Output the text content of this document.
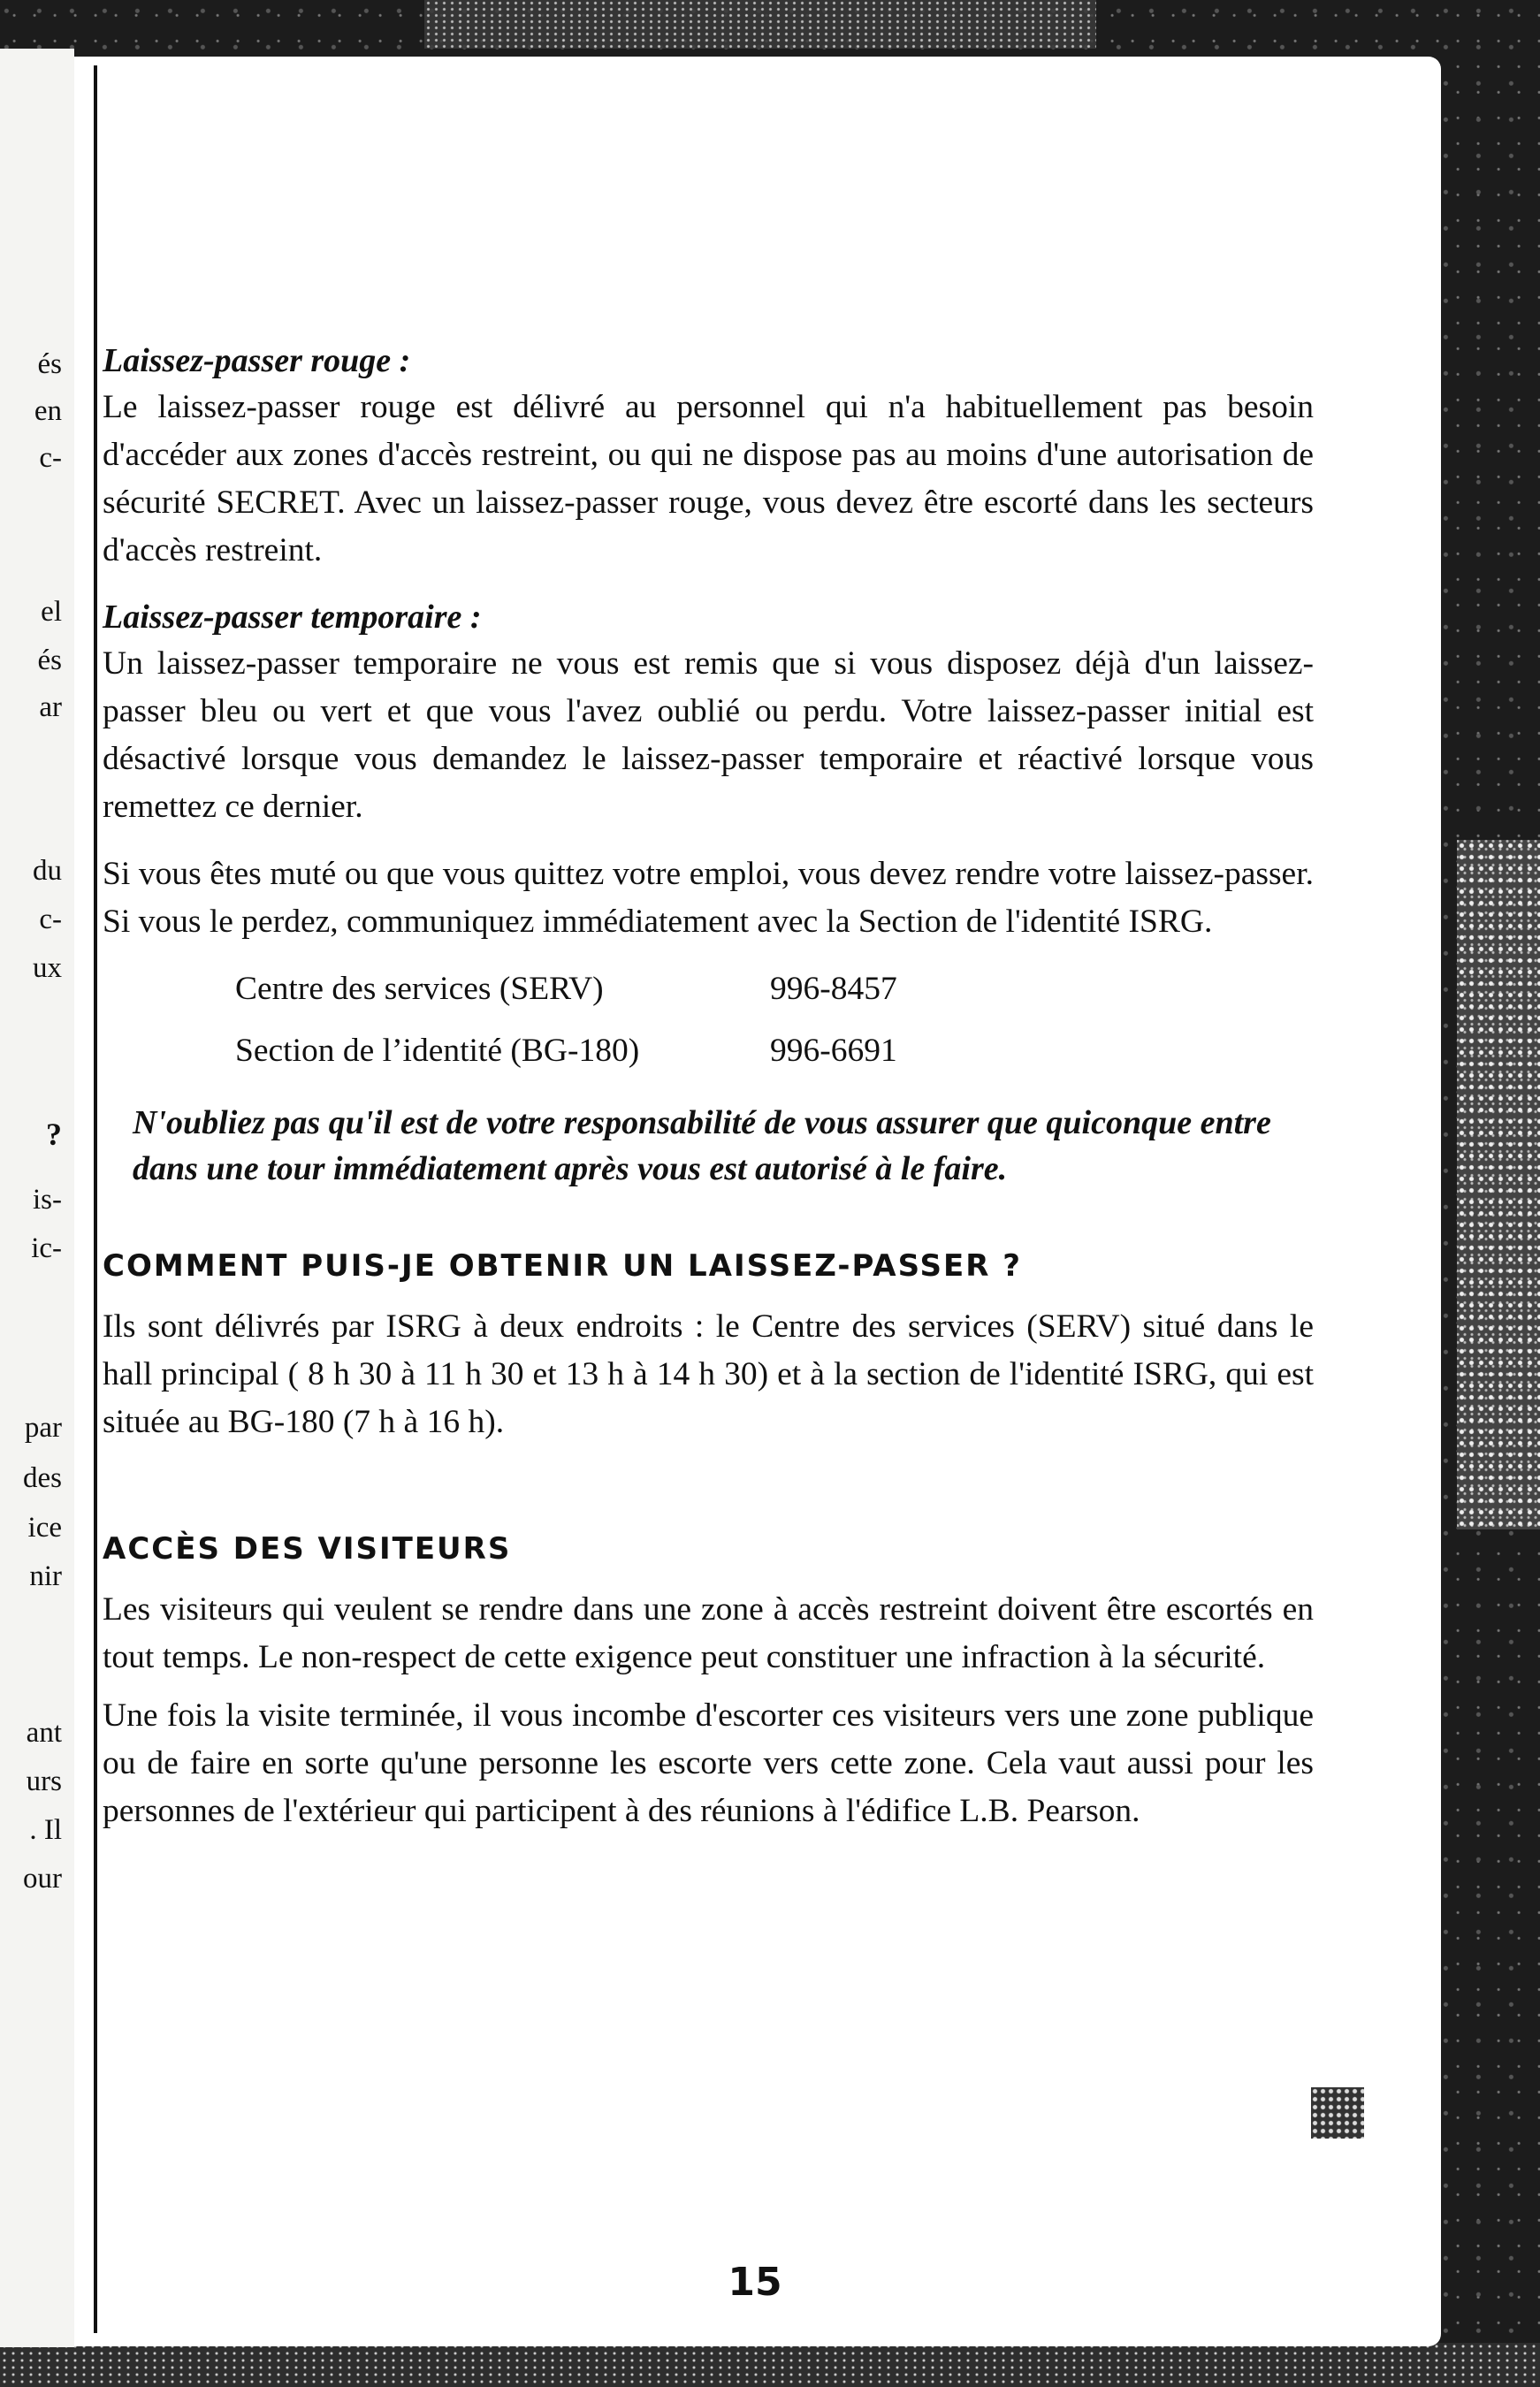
és
en
c-
el
és
ar
du
c-
ux
?
is-
ic-
par
des
ice
nir
ant
urs
. Il
our

Laissez-passer rouge :

Le laissez-passer rouge est délivré au personnel qui n'a habituellement pas besoin d'accéder aux zones d'accès restreint, ou qui ne dispose pas au moins d'une autorisation de sécurité SECRET. Avec un laissez-passer rouge, vous devez être escorté dans les secteurs d'accès restreint.

Laissez-passer temporaire :

Un laissez-passer temporaire ne vous est remis que si vous disposez déjà d'un laissez-passer bleu ou vert et que vous l'avez oublié ou perdu. Votre laissez-passer initial est désactivé lorsque vous demandez le laissez-passer temporaire et réactivé lorsque vous remettez ce dernier.

Si vous êtes muté ou que vous quittez votre emploi, vous devez rendre votre laissez-passer. Si vous le perdez, communiquez immédiatement avec la Section de l'identité ISRG.

Centre des services (SERV)	996-8457
Section de l’identité (BG-180)	996-6691

N'oubliez pas qu'il est de votre responsabilité de vous assurer que quiconque entre dans une tour immédiatement après vous est autorisé à le faire.

COMMENT PUIS-JE OBTENIR UN LAISSEZ-PASSER ?

Ils sont délivrés par ISRG à deux endroits : le Centre des services (SERV) situé dans le hall principal ( 8 h 30 à 11 h 30 et 13 h à 14 h 30) et à la section de l'identité ISRG, qui est située au BG-180 (7 h à 16 h).

ACCÈS DES VISITEURS

Les visiteurs qui veulent se rendre dans une zone à accès restreint doivent être escortés en tout temps. Le non-respect de cette exigence peut constituer une infraction à la sécurité.

Une fois la visite terminée, il vous incombe d'escorter ces visiteurs vers une zone publique ou de faire en sorte qu'une personne les escorte vers cette zone. Cela vaut aussi pour les personnes de l'extérieur qui participent à des réunions à l'édifice L.B. Pearson.

15
